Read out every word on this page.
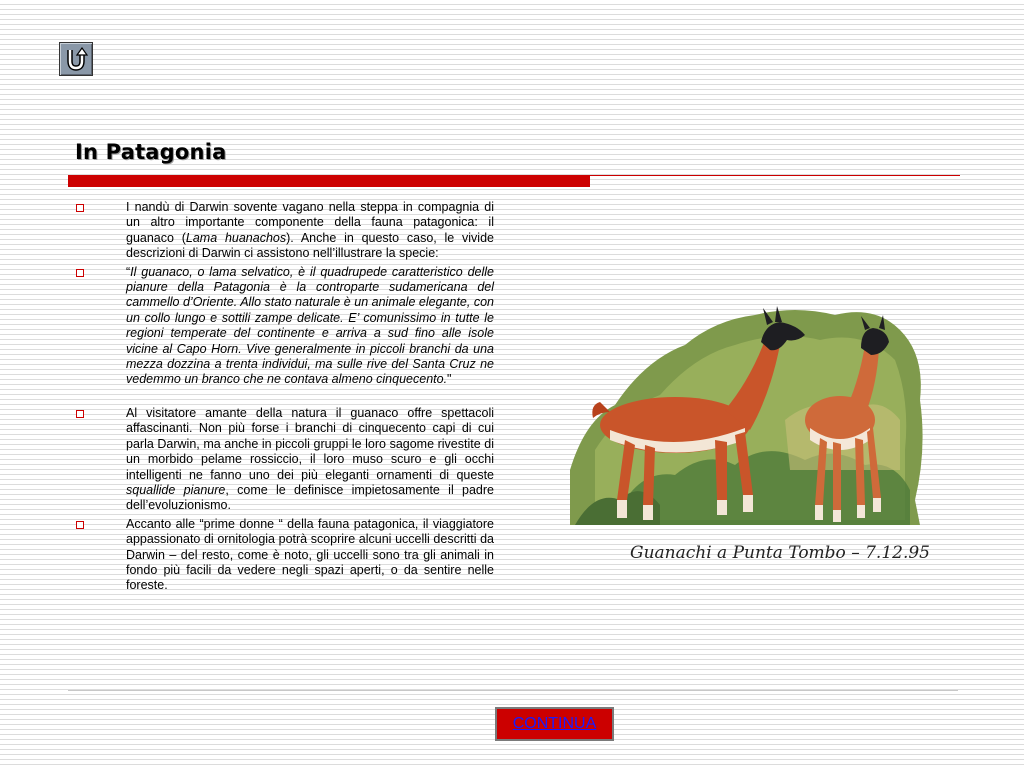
In Patagonia
I nandù di Darwin sovente vagano nella steppa in compagnia di un altro importante componente della fauna patagonica: il guanaco (Lama huanachos). Anche in questo caso, le vivide descrizioni di Darwin ci assistono nell’illustrare la specie:
“Il guanaco, o lama selvatico, è il quadrupede caratteristico delle pianure della Patagonia è la controparte sudamericana del cammello d’Oriente. Allo stato naturale è un animale elegante, con un collo lungo e sottili zampe delicate. E’ comunissimo in tutte le regioni temperate del continente e arriva a sud fino alle isole vicine al Capo Horn. Vive generalmente in piccoli branchi da una mezza dozzina a trenta individui, ma sulle rive del Santa Cruz ne vedemmo un branco che ne contava almeno cinquecento."
Al visitatore amante della natura il guanaco offre spettacoli affascinanti. Non più forse i branchi di cinquecento capi di cui parla Darwin, ma anche in piccoli gruppi le loro sagome rivestite di un morbido pelame rossiccio, il loro muso scuro e gli occhi intelligenti ne fanno uno dei più eleganti ornamenti di queste squallide pianure, come le definisce impietosamente il padre dell’evoluzionismo.
Accanto alle “prime donne “ della fauna patagonica, il viaggiatore appassionato di ornitologia potrà scoprire alcuni uccelli descritti da Darwin – del resto, come è noto, gli uccelli sono tra gli animali in fondo più facili da vedere negli spazi aperti, o da sentire nelle foreste.
Guanachi a Punta Tombo – 7.12.95
CONTINUA
